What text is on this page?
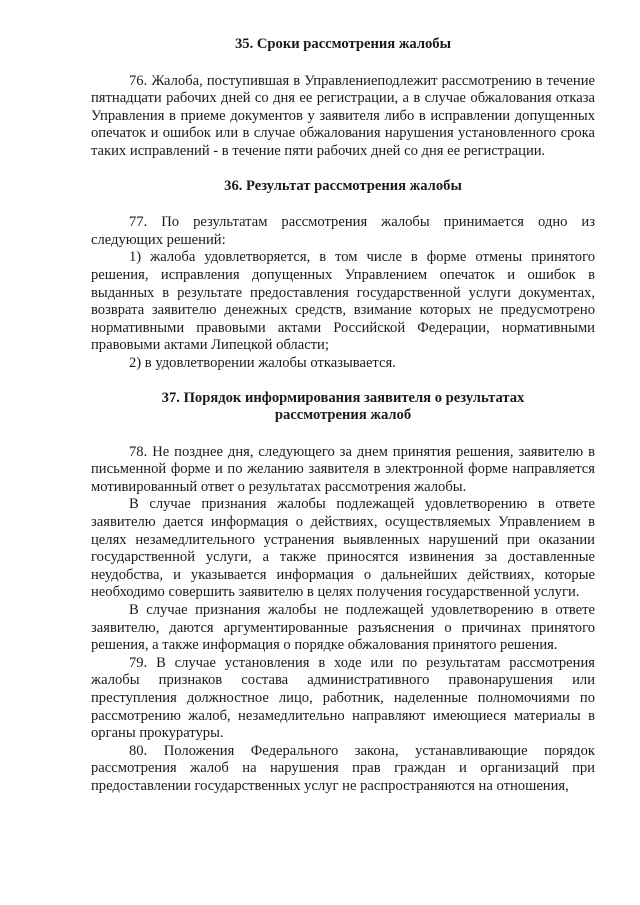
35. Сроки рассмотрения жалобы

76. Жалоба, поступившая в Управлениеподлежит рассмотрению в течение пятнадцати рабочих дней со дня ее регистрации, а в случае обжалования отказа Управления в приеме документов у заявителя либо в исправлении допущенных опечаток и ошибок или в случае обжалования нарушения установленного срока таких исправлений - в течение пяти рабочих дней со дня ее регистрации.

36. Результат рассмотрения жалобы

77. По результатам рассмотрения жалобы принимается одно из следующих решений:

1) жалоба удовлетворяется, в том числе в форме отмены принятого решения, исправления допущенных Управлением опечаток и ошибок в выданных в результате предоставления государственной услуги документах, возврата заявителю денежных средств, взимание которых не предусмотрено нормативными правовыми актами Российской Федерации, нормативными правовыми актами Липецкой области;

2) в удовлетворении жалобы отказывается.

37. Порядок информирования заявителя о результатах
рассмотрения жалоб

78. Не позднее дня, следующего за днем принятия решения, заявителю в письменной форме и по желанию заявителя в электронной форме направляется мотивированный ответ о результатах рассмотрения жалобы.

В случае признания жалобы подлежащей удовлетворению в ответе заявителю дается информация о действиях, осуществляемых Управлением в целях незамедлительного устранения выявленных нарушений при оказании государственной услуги, а также приносятся извинения за доставленные неудобства, и указывается информация о дальнейших действиях, которые необходимо совершить заявителю в целях получения государственной услуги.

В случае признания жалобы не подлежащей удовлетворению в ответе заявителю, даются аргументированные разъяснения о причинах принятого решения, а также информация о порядке обжалования принятого решения.

79. В случае установления в ходе или по результатам рассмотрения жалобы признаков состава административного правонарушения или преступления должностное лицо, работник, наделенные полномочиями по рассмотрению жалоб, незамедлительно направляют имеющиеся материалы в органы прокуратуры.

80. Положения Федерального закона, устанавливающие порядок рассмотрения жалоб на нарушения прав граждан и организаций при предоставлении государственных услуг не распространяются на отношения,
